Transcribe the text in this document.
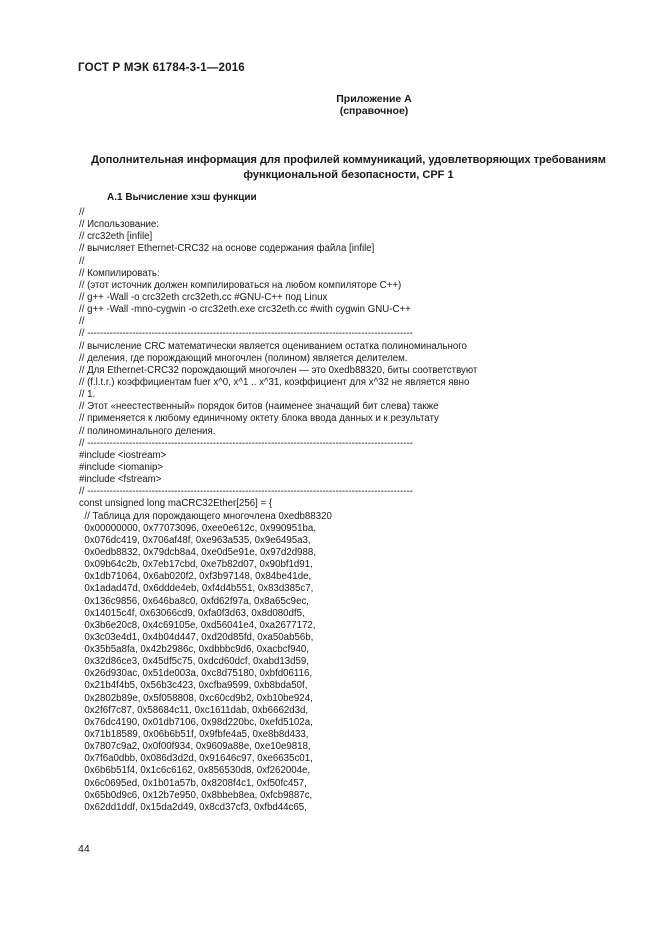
ГОСТ Р МЭК 61784-3-1—2016
Приложение А
(справочное)
Дополнительная информация для профилей коммуникаций, удовлетворяющих требованиям
функциональной безопасности, CPF 1
A.1 Вычисление хэш функции
//
// Использование:
// crc32eth [infile]
// вычисляет Ethernet-CRC32 на основе содержания файла [infile]
//
// Компилировать:
// (этот источник должен компилироваться на любом компиляторе C++)
// g++ -Wall -o crc32eth crc32eth.cc #GNU-C++ под Linux
// g++ -Wall -mno-cygwin -o crc32eth.exe crc32eth.cc #with cygwin GNU-C++
//
// -----------------------------------------------------------------------------------------------------
// вычисление CRC математически является оцениванием остатка полиноминального
// деления, где порождающий многочлен (полином) является делителем.
// Для Ethernet-CRC32 порождающий многочлен — это 0xedb88320, биты соответствуют
// (f.l.t.r.) коэффициентам fuer x^0, x^1 .. x^31, коэффициент для x^32 не является явно
// 1.
// Этот «неестественный» порядок битов (наименее значащий бит слева) также
// применяется к любому единичному октету блока ввода данных и к результату
// полиноминального деления.
// -----------------------------------------------------------------------------------------------------
#include <iostream>
#include <iomanip>
#include <fstream>
// -----------------------------------------------------------------------------------------------------
const unsigned long maCRC32Ether[256] = {
// Таблица для порождающего многочлена 0xedb88320
0x00000000, 0x77073096, 0xee0e612c, 0x990951ba,
0x076dc419, 0x706af48f, 0xe963a535, 0x9e6495a3,
0x0edb8832, 0x79dcb8a4, 0xe0d5e91e, 0x97d2d988,
0x09b64c2b, 0x7eb17cbd, 0xe7b82d07, 0x90bf1d91,
0x1db71064, 0x6ab020f2, 0xf3b97148, 0x84be41de,
0x1adad47d, 0x6ddde4eb, 0xf4d4b551, 0x83d385c7,
0x136c9856, 0x646ba8c0, 0xfd62f97a, 0x8a65c9ec,
0x14015c4f, 0x63066cd9, 0xfa0f3d63, 0x8d080df5,
0x3b6e20c8, 0x4c69105e, 0xd56041e4, 0xa2677172,
0x3c03e4d1, 0x4b04d447, 0xd20d85fd, 0xa50ab56b,
0x35b5a8fa, 0x42b2986c, 0xdbbbc9d6, 0xacbcf940,
0x32d86ce3, 0x45df5c75, 0xdcd60dcf, 0xabd13d59,
0x26d930ac, 0x51de003a, 0xc8d75180, 0xbfd06116,
0x21b4f4b5, 0x56b3c423, 0xcfba9599, 0xb8bda50f,
0x2802b89e, 0x5f058808, 0xc60cd9b2, 0xb10be924,
0x2f6f7c87, 0x58684c11, 0xc1611dab, 0xb6662d3d,
0x76dc4190, 0x01db7106, 0x98d220bc, 0xefd5102a,
0x71b18589, 0x06b6b51f, 0x9fbfe4a5, 0xe8b8d433,
0x7807c9a2, 0x0f00f934, 0x9609a88e, 0xe10e9818,
0x7f6a0dbb, 0x086d3d2d, 0x91646c97, 0xe6635c01,
0x6b6b51f4, 0x1c6c6162, 0x856530d8, 0xf262004e,
0x6c0695ed, 0x1b01a57b, 0x8208f4c1, 0xf50fc457,
0x65b0d9c6, 0x12b7e950, 0x8bbeb8ea, 0xfcb9887c,
0x62dd1ddf, 0x15da2d49, 0x8cd37cf3, 0xfbd44c65,
44
